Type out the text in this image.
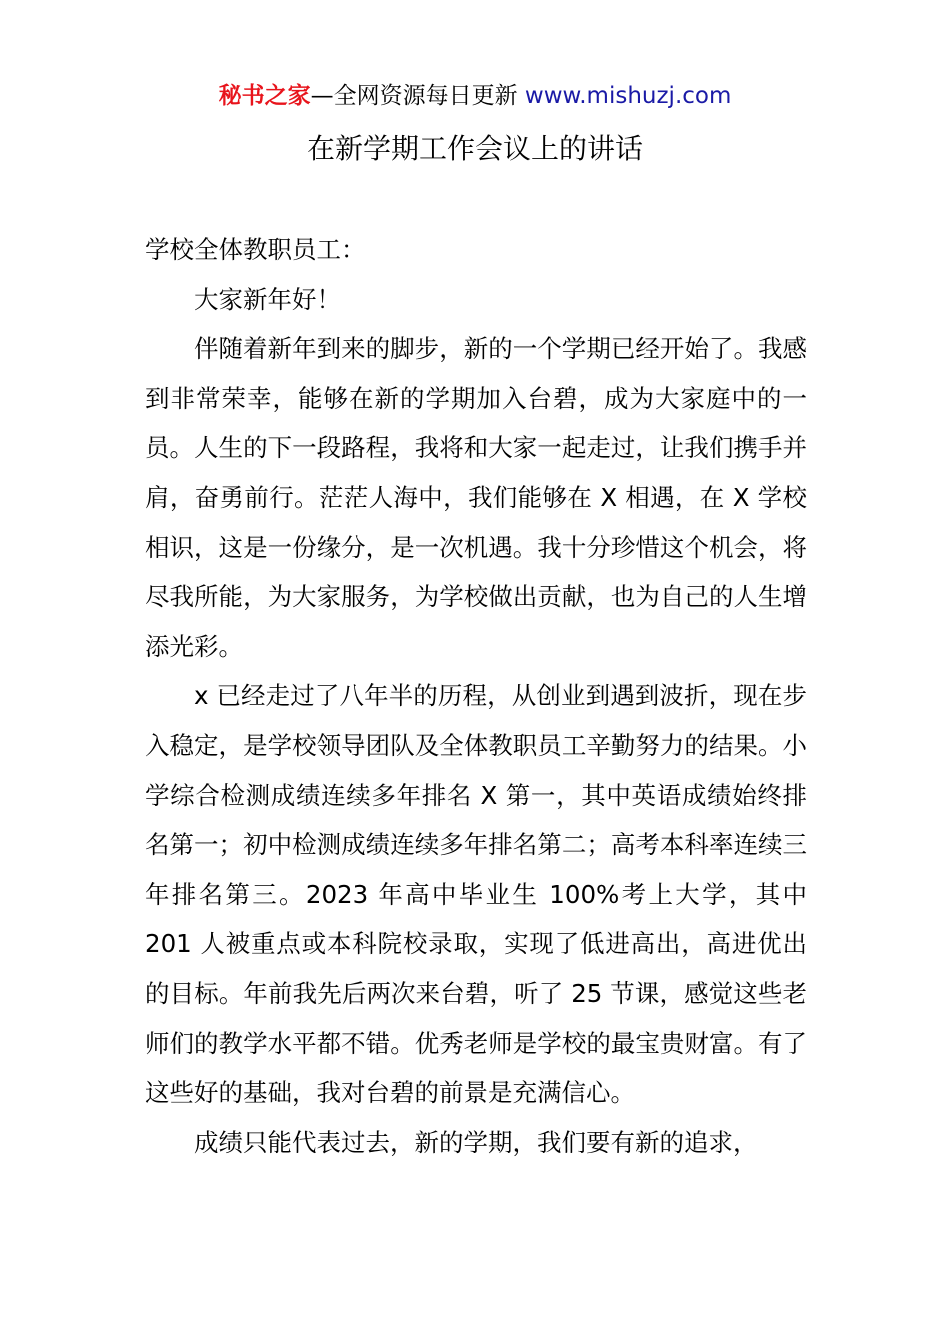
秘书之家—全网资源每日更新 www.mishuzj.com
在新学期工作会议上的讲话

学校全体教职员工：

大家新年好！

伴随着新年到来的脚步，新的一个学期已经开始了。我感到非常荣幸，能够在新的学期加入台碧，成为大家庭中的一员。人生的下一段路程，我将和大家一起走过，让我们携手并肩，奋勇前行。茫茫人海中，我们能够在 X 相遇，在 X 学校相识，这是一份缘分，是一次机遇。我十分珍惜这个机会，将尽我所能，为大家服务，为学校做出贡献，也为自己的人生增添光彩。

x 已经走过了八年半的历程，从创业到遇到波折，现在步入稳定，是学校领导团队及全体教职员工辛勤努力的结果。小学综合检测成绩连续多年排名 X 第一，其中英语成绩始终排名第一；初中检测成绩连续多年排名第二；高考本科率连续三年排名第三。2023 年高中毕业生 100%考上大学，其中 201 人被重点或本科院校录取，实现了低进高出，高进优出的目标。年前我先后两次来台碧，听了 25 节课，感觉这些老师们的教学水平都不错。优秀老师是学校的最宝贵财富。有了这些好的基础，我对台碧的前景是充满信心。

成绩只能代表过去，新的学期，我们要有新的追求，
